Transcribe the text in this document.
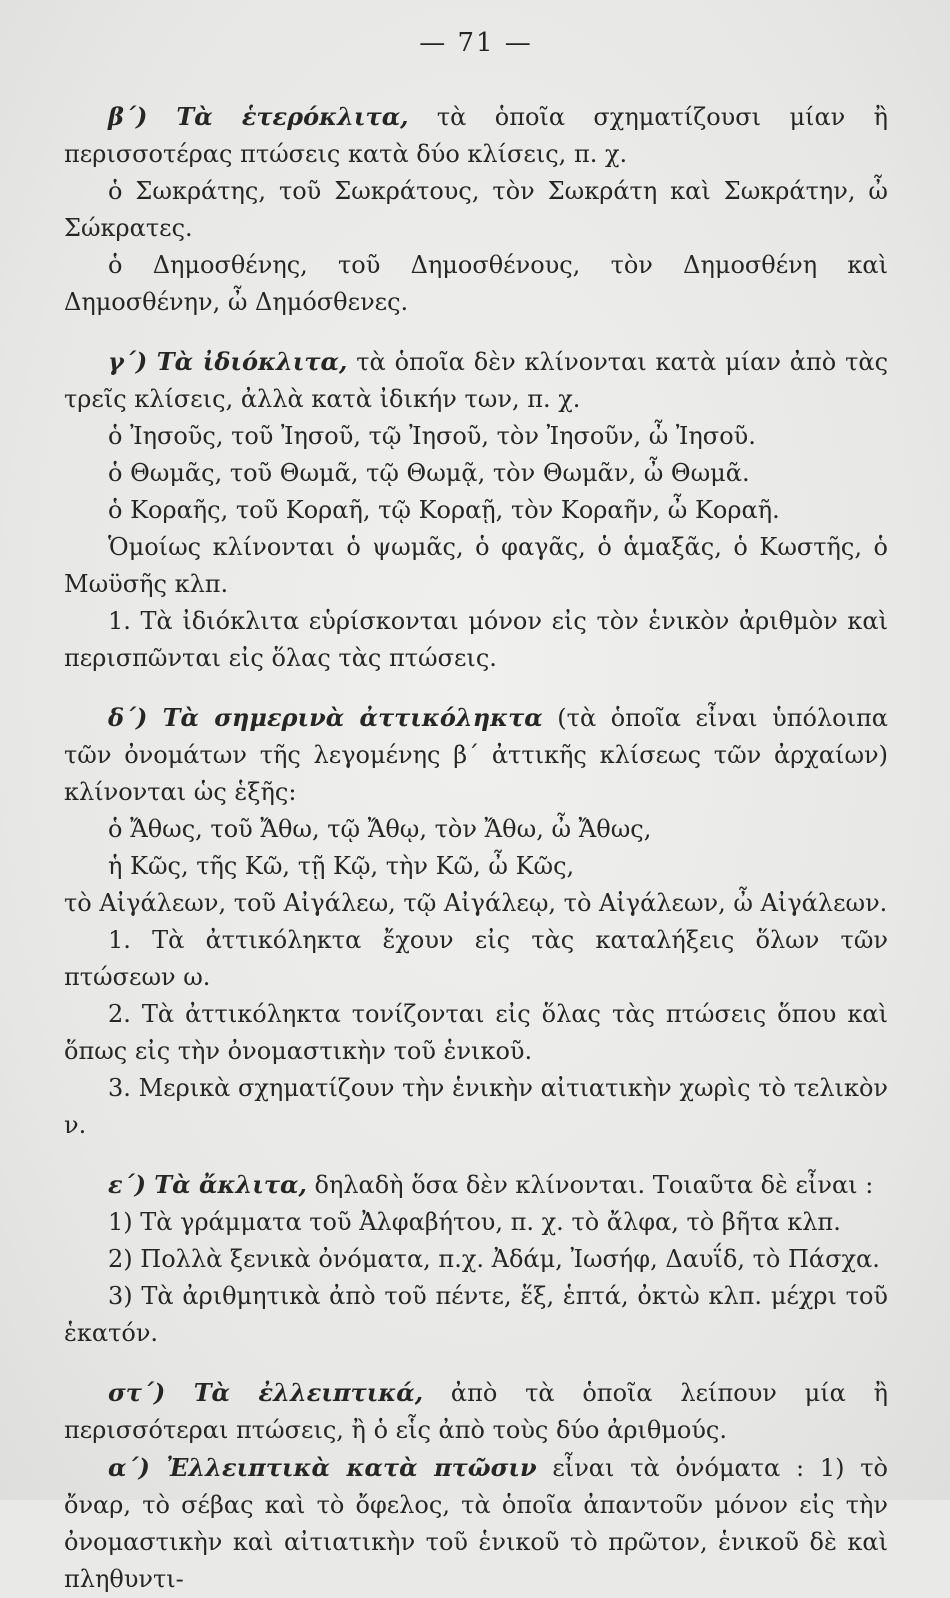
— 71 —

β΄) Τὰ ἑτερόκλιτα, τὰ ὁποῖα σχηματίζουσι μίαν ἢ περισσοτέρας πτώσεις κατὰ δύο κλίσεις, π. χ.

ὁ Σωκράτης, τοῦ Σωκράτους, τὸν Σωκράτη καὶ Σωκράτην, ὦ Σώκρατες.

ὁ Δημοσθένης, τοῦ Δημοσθένους, τὸν Δημοσθένη καὶ Δημοσθένην, ὦ Δημόσθενες.

γ΄) Τὰ ἰδιόκλιτα, τὰ ὁποῖα δὲν κλίνονται κατὰ μίαν ἀπὸ τὰς τρεῖς κλίσεις, ἀλλὰ κατὰ ἰδικήν των, π. χ.

ὁ Ἰησοῦς, τοῦ Ἰησοῦ, τῷ Ἰησοῦ, τὸν Ἰησοῦν, ὦ Ἰησοῦ.

ὁ Θωμᾶς, τοῦ Θωμᾶ, τῷ Θωμᾷ, τὸν Θωμᾶν, ὦ Θωμᾶ.

ὁ Κοραῆς, τοῦ Κοραῆ, τῷ Κοραῇ, τὸν Κοραῆν, ὦ Κοραῆ.

Ὁμοίως κλίνονται ὁ ψωμᾶς, ὁ φαγᾶς, ὁ ἁμαξᾶς, ὁ Κωστῆς, ὁ Μωϋσῆς κλπ.

1. Τὰ ἰδιόκλιτα εὑρίσκονται μόνον εἰς τὸν ἑνικὸν ἀριθμὸν καὶ περισπῶνται εἰς ὅλας τὰς πτώσεις.

δ΄) Τὰ σημερινὰ ἀττικόληκτα (τὰ ὁποῖα εἶναι ὑπόλοιπα τῶν ὀνομάτων τῆς λεγομένης β΄ ἀττικῆς κλίσεως τῶν ἀρχαίων) κλίνονται ὡς ἑξῆς:

ὁ Ἄθως, τοῦ Ἄθω, τῷ Ἄθῳ, τὸν Ἄθω, ὦ Ἄθως,

ἡ Κῶς, τῆς Κῶ, τῇ Κῷ, τὴν Κῶ, ὦ Κῶς,

τὸ Αἰγάλεων, τοῦ Αἰγάλεω, τῷ Αἰγάλεῳ, τὸ Αἰγάλεων, ὦ Αἰγάλεων.

1. Τὰ ἀττικόληκτα ἔχουν εἰς τὰς καταλήξεις ὅλων τῶν πτώσεων ω.

2. Τὰ ἀττικόληκτα τονίζονται εἰς ὅλας τὰς πτώσεις ὅπου καὶ ὅπως εἰς τὴν ὀνομαστικὴν τοῦ ἑνικοῦ.

3. Μερικὰ σχηματίζουν τὴν ἑνικὴν αἰτιατικὴν χωρὶς τὸ τελικὸν ν.

ε΄) Τὰ ἄκλιτα, δηλαδὴ ὅσα δὲν κλίνονται. Τοιαῦτα δὲ εἶναι :

1) Τὰ γράμματα τοῦ Ἀλφαβήτου, π. χ. τὸ ἄλφα, τὸ βῆτα κλπ.

2) Πολλὰ ξενικὰ ὀνόματα, π.χ. Ἀδάμ, Ἰωσήφ, Δαυΐδ, τὸ Πάσχα.

3) Τὰ ἀριθμητικὰ ἀπὸ τοῦ πέντε, ἕξ, ἑπτά, ὀκτὼ κλπ. μέχρι τοῦ ἑκατόν.

στ΄) Τὰ ἐλλειπτικά, ἀπὸ τὰ ὁποῖα λείπουν μία ἢ περισσότεραι πτώσεις, ἢ ὁ εἷς ἀπὸ τοὺς δύο ἀριθμούς.

α΄) Ἐλλειπτικὰ κατὰ πτῶσιν εἶναι τὰ ὀνόματα : 1) τὸ ὄναρ, τὸ σέβας καὶ τὸ ὄφελος, τὰ ὁποῖα ἀπαντοῦν μόνον εἰς τὴν ὀνομαστικὴν καὶ αἰτιατικὴν τοῦ ἑνικοῦ τὸ πρῶτον, ἑνικοῦ δὲ καὶ πληθυντι-
